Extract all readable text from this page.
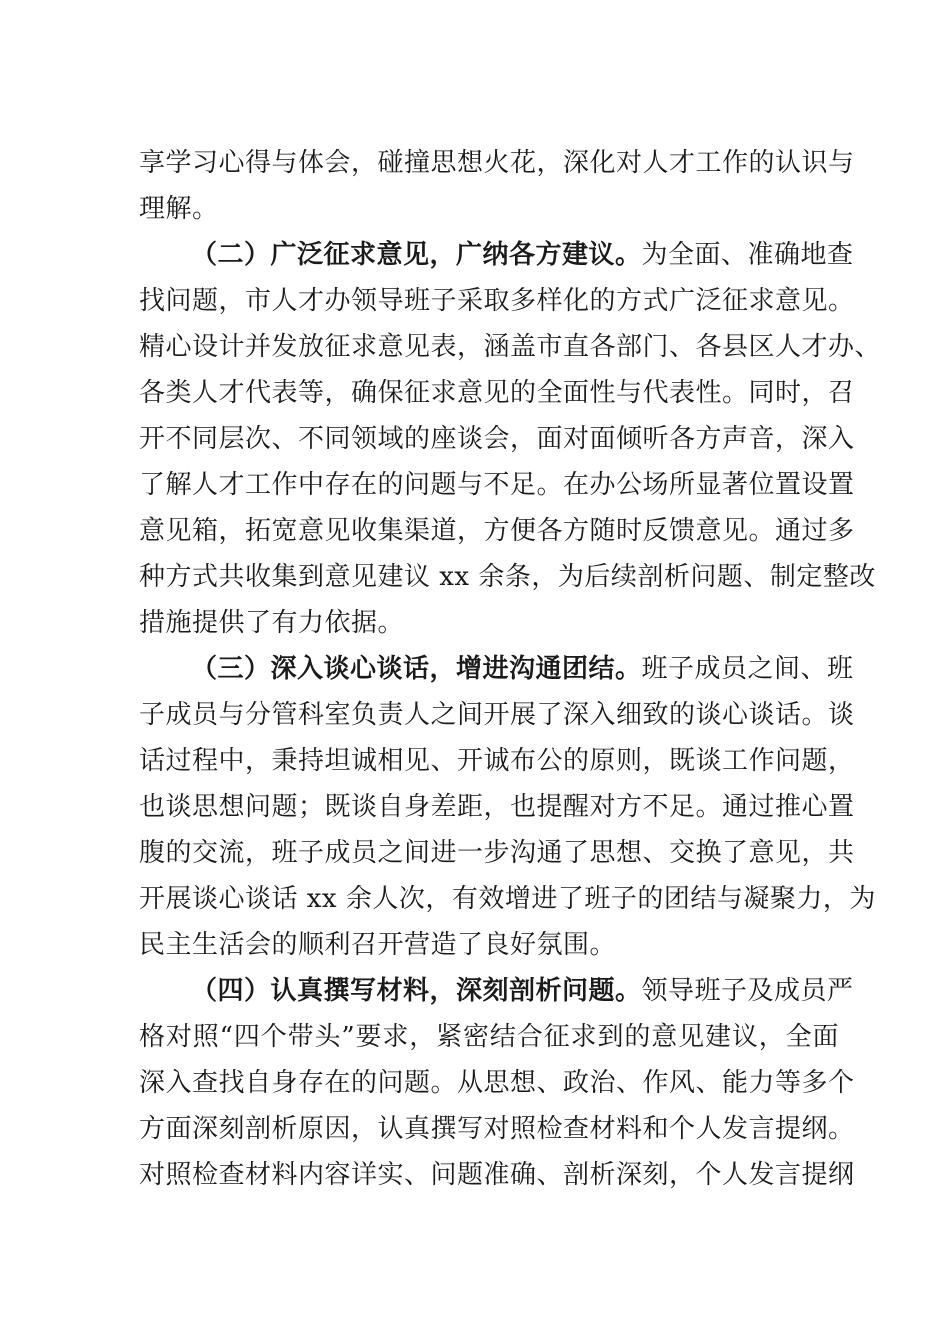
享学习心得与体会，碰撞思想火花，深化对人才工作的认识与
理解。
（二）广泛征求意见，广纳各方建议。为全面、准确地查
找问题，市人才办领导班子采取多样化的方式广泛征求意见。
精心设计并发放征求意见表，涵盖市直各部门、各县区人才办、
各类人才代表等，确保征求意见的全面性与代表性。同时，召
开不同层次、不同领域的座谈会，面对面倾听各方声音，深入
了解人才工作中存在的问题与不足。在办公场所显著位置设置
意见箱，拓宽意见收集渠道，方便各方随时反馈意见。通过多
种方式共收集到意见建议 xx 余条，为后续剖析问题、制定整改
措施提供了有力依据。
（三）深入谈心谈话，增进沟通团结。班子成员之间、班
子成员与分管科室负责人之间开展了深入细致的谈心谈话。谈
话过程中，秉持坦诚相见、开诚布公的原则，既谈工作问题，
也谈思想问题；既谈自身差距，也提醒对方不足。通过推心置
腹的交流，班子成员之间进一步沟通了思想、交换了意见，共
开展谈心谈话 xx 余人次，有效增进了班子的团结与凝聚力，为
民主生活会的顺利召开营造了良好氛围。
（四）认真撰写材料，深刻剖析问题。领导班子及成员严
格对照“四个带头”要求，紧密结合征求到的意见建议，全面
深入查找自身存在的问题。从思想、政治、作风、能力等多个
方面深刻剖析原因，认真撰写对照检查材料和个人发言提纲。
对照检查材料内容详实、问题准确、剖析深刻，个人发言提纲
